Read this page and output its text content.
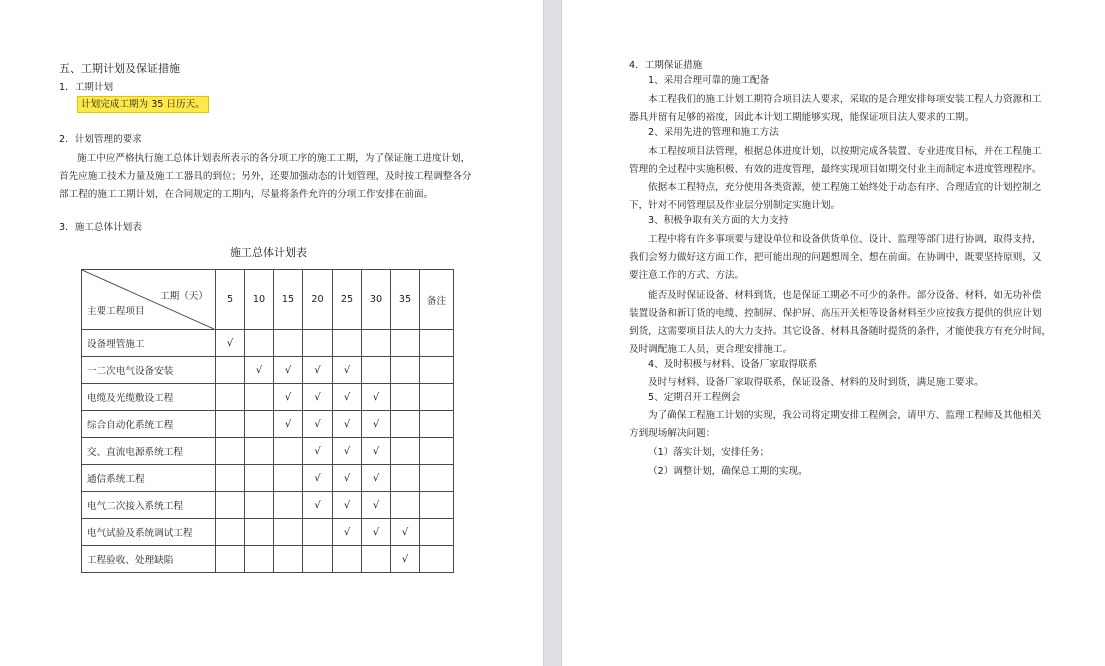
五、工期计划及保证措施
1．工期计划
计划完成工期为 35 日历天。
2．计划管理的要求
施工中应严格执行施工总体计划表所表示的各分项工序的施工工期，为了保证施工进度计划，
首先应施工技术力量及施工工器具的到位；另外，还要加强动态的计划管理，及时按工程调整各分
部工程的施工工期计划，在合同规定的工期内，尽量将条件允许的分项工作安排在前面。
3．施工总体计划表
施工总体计划表
工期（天）
主要工程项目	5	10	15	20	25	30	35	备注
设备埋管施工	√							
一二次电气设备安装		√	√	√	√			
电缆及光缆敷设工程			√	√	√	√		
综合自动化系统工程			√	√	√	√		
交、直流电源系统工程				√	√	√		
通信系统工程				√	√	√		
电气二次接入系统工程				√	√	√		
电气试验及系统调试工程					√	√	√	
工程验收、处理缺陷							√	
4．工期保证措施
1、采用合理可靠的施工配备
本工程我们的施工计划工期符合项目法人要求，采取的是合理安排每项安装工程人力资源和工
器具并留有足够的裕度，因此本计划工期能够实现，能保证项目法人要求的工期。
2、采用先进的管理和施工方法
本工程按项目法管理，根据总体进度计划，以按期完成各装置、专业进度目标，并在工程施工
管理的全过程中实施积极、有效的进度管理，最终实现项目如期交付业主而制定本进度管理程序。
依据本工程特点，充分使用各类资源，使工程施工始终处于动态有序、合理适宜的计划控制之
下，针对不同管理层及作业层分别制定实施计划。
3、积极争取有关方面的大力支持
工程中将有许多事项要与建设单位和设备供货单位、设计、监理等部门进行协调，取得支持，
我们会努力做好这方面工作，把可能出现的问题想周全、想在前面。在协调中，既要坚持原则，又
要注意工作的方式、方法。
能否及时保证设备、材料到货，也是保证工期必不可少的条件。部分设备、材料，如无功补偿
装置设备和新订货的电缆、控制屏、保护屏、高压开关柜等设备材料至少应按我方提供的供应计划
到货，这需要项目法人的大力支持。其它设备、材料具备随时提货的条件，才能使我方有充分时间，
及时调配施工人员，更合理安排施工。
4、及时积极与材料、设备厂家取得联系
及时与材料、设备厂家取得联系，保证设备、材料的及时到货，满足施工要求。
5、定期召开工程例会
为了确保工程施工计划的实现，我公司将定期安排工程例会，请甲方、监理工程师及其他相关
方到现场解决问题：
（1）落实计划，安排任务；
（2）调整计划，确保总工期的实现。
